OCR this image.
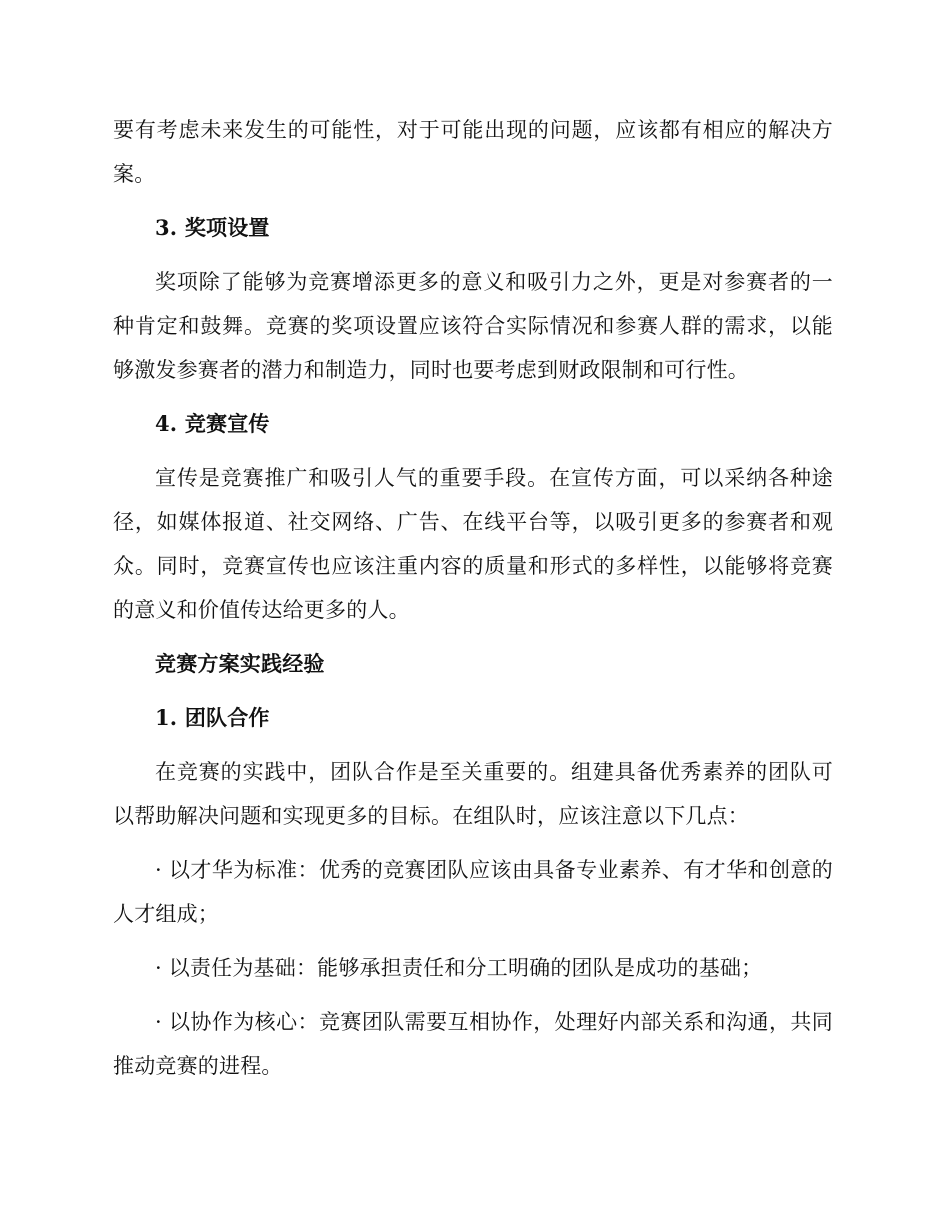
要有考虑未来发生的可能性，对于可能出现的问题，应该都有相应的解决方案。

3. 奖项设置

奖项除了能够为竞赛增添更多的意义和吸引力之外，更是对参赛者的一种肯定和鼓舞。竞赛的奖项设置应该符合实际情况和参赛人群的需求，以能够激发参赛者的潜力和制造力，同时也要考虑到财政限制和可行性。

4. 竞赛宣传

宣传是竞赛推广和吸引人气的重要手段。在宣传方面，可以采纳各种途径，如媒体报道、社交网络、广告、在线平台等，以吸引更多的参赛者和观众。同时，竞赛宣传也应该注重内容的质量和形式的多样性，以能够将竞赛的意义和价值传达给更多的人。

竞赛方案实践经验

1. 团队合作

在竞赛的实践中，团队合作是至关重要的。组建具备优秀素养的团队可以帮助解决问题和实现更多的目标。在组队时，应该注意以下几点：

· 以才华为标准：优秀的竞赛团队应该由具备专业素养、有才华和创意的人才组成；

· 以责任为基础：能够承担责任和分工明确的团队是成功的基础；

· 以协作为核心：竞赛团队需要互相协作，处理好内部关系和沟通，共同推动竞赛的进程。
